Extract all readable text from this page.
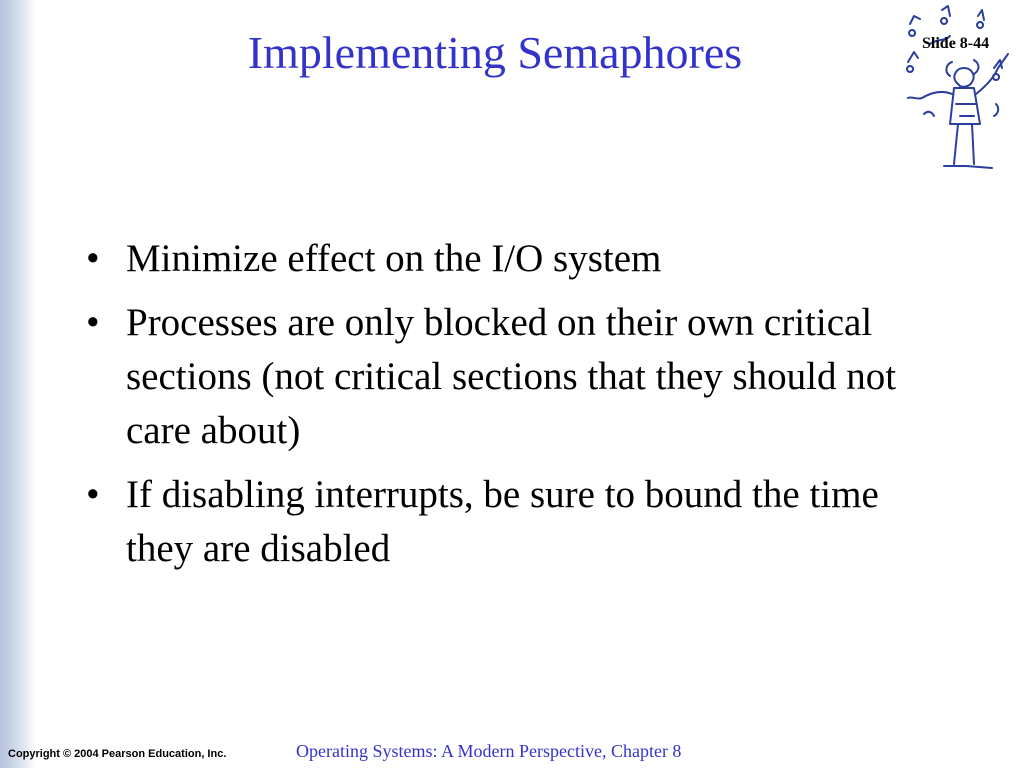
Implementing Semaphores	Slide 8-44
• Minimize effect on the I/O system
• Processes are only blocked on their own critical sections (not critical sections that they should not care about)
• If disabling interrupts, be sure to bound the time they are disabled
Copyright © 2004 Pearson Education, Inc.	Operating Systems: A Modern Perspective, Chapter 8
